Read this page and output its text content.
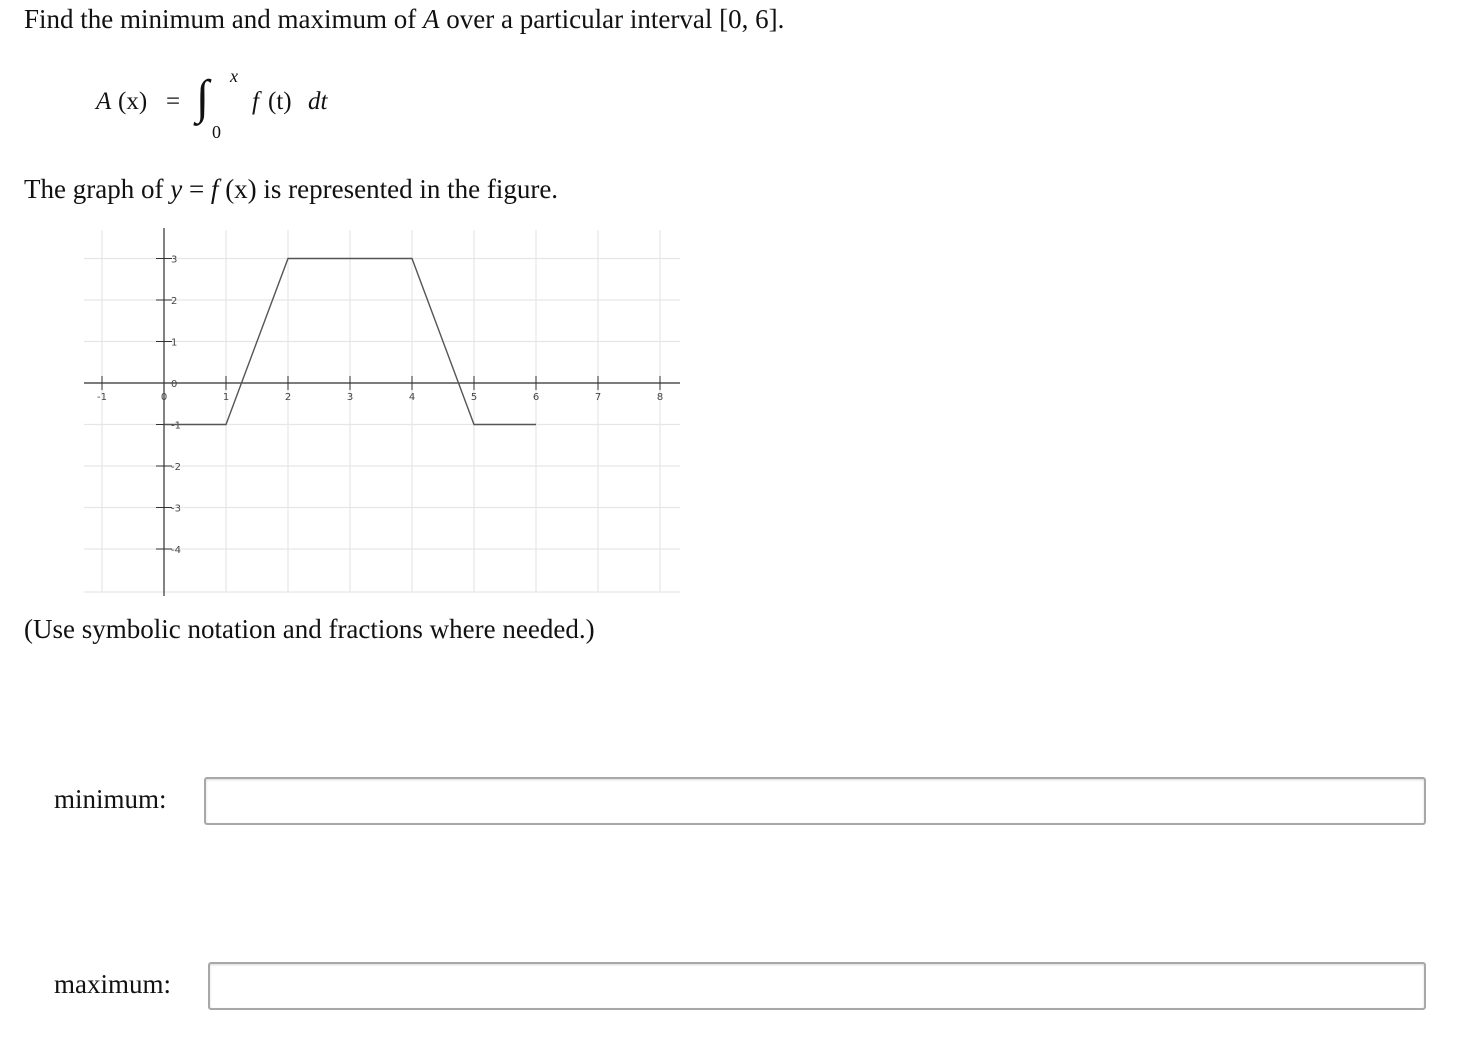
Find the minimum and maximum of A over a particular interval [0, 6].
A (x) = ∫ x
0
f (t) dt
The graph of y = f (x) is represented in the figure.
-1	0	1	2	3	4	5	6	7	8
3
2
1
0
-1
-2
-3
-4
(Use symbolic notation and fractions where needed.)
minimum:
maximum:
